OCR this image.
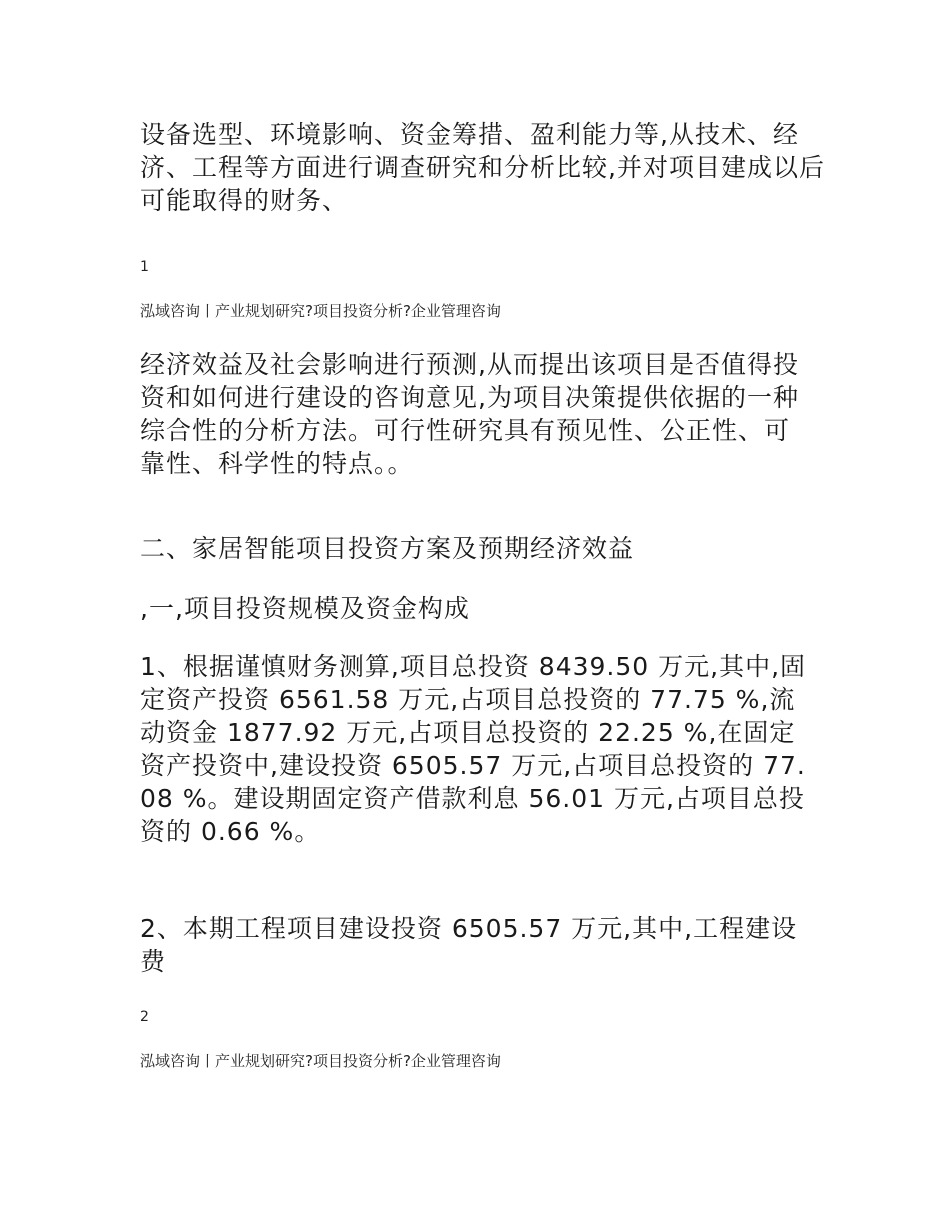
设备选型、环境影响、资金筹措、盈利能力等,从技术、经济、工程等方面进行调查研究和分析比较,并对项目建成以后可能取得的财务、

1
泓域咨询丨产业规划研究?项目投资分析?企业管理咨询

经济效益及社会影响进行预测,从而提出该项目是否值得投资和如何进行建设的咨询意见,为项目决策提供依据的一种综合性的分析方法。可行性研究具有预见性、公正性、可靠性、科学性的特点。。

二、家居智能项目投资方案及预期经济效益

,一,项目投资规模及资金构成

1、根据谨慎财务测算,项目总投资 8439.50 万元,其中,固定资产投资 6561.58 万元,占项目总投资的 77.75 %,流动资金 1877.92 万元,占项目总投资的 22.25 %,在固定资产投资中,建设投资 6505.57 万元,占项目总投资的 77.08 %。建设期固定资产借款利息 56.01 万元,占项目总投资的 0.66 %。

2、本期工程项目建设投资 6505.57 万元,其中,工程建设费

2
泓域咨询丨产业规划研究?项目投资分析?企业管理咨询
